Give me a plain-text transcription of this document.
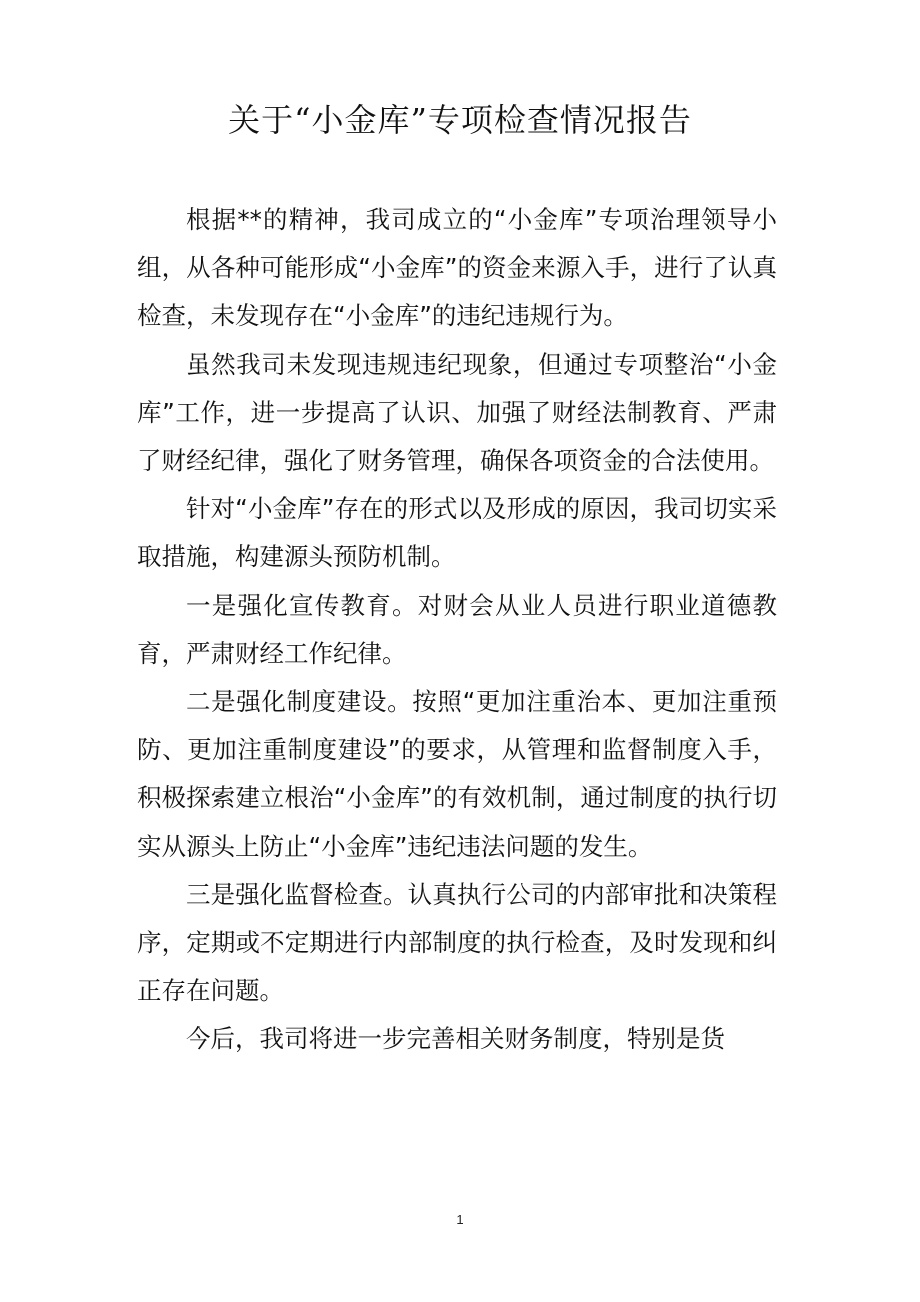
关于“小金库”专项检查情况报告

根据**的精神，我司成立的“小金库”专项治理领导小组，从各种可能形成“小金库”的资金来源入手，进行了认真检查，未发现存在“小金库”的违纪违规行为。

虽然我司未发现违规违纪现象，但通过专项整治“小金库”工作，进一步提高了认识、加强了财经法制教育、严肃了财经纪律，强化了财务管理，确保各项资金的合法使用。

针对“小金库”存在的形式以及形成的原因，我司切实采取措施，构建源头预防机制。

一是强化宣传教育。对财会从业人员进行职业道德教育，严肃财经工作纪律。

二是强化制度建设。按照“更加注重治本、更加注重预防、更加注重制度建设”的要求，从管理和监督制度入手，积极探索建立根治“小金库”的有效机制，通过制度的执行切实从源头上防止“小金库”违纪违法问题的发生。

三是强化监督检查。认真执行公司的内部审批和决策程序，定期或不定期进行内部制度的执行检查，及时发现和纠正存在问题。

今后，我司将进一步完善相关财务制度，特别是货

1
